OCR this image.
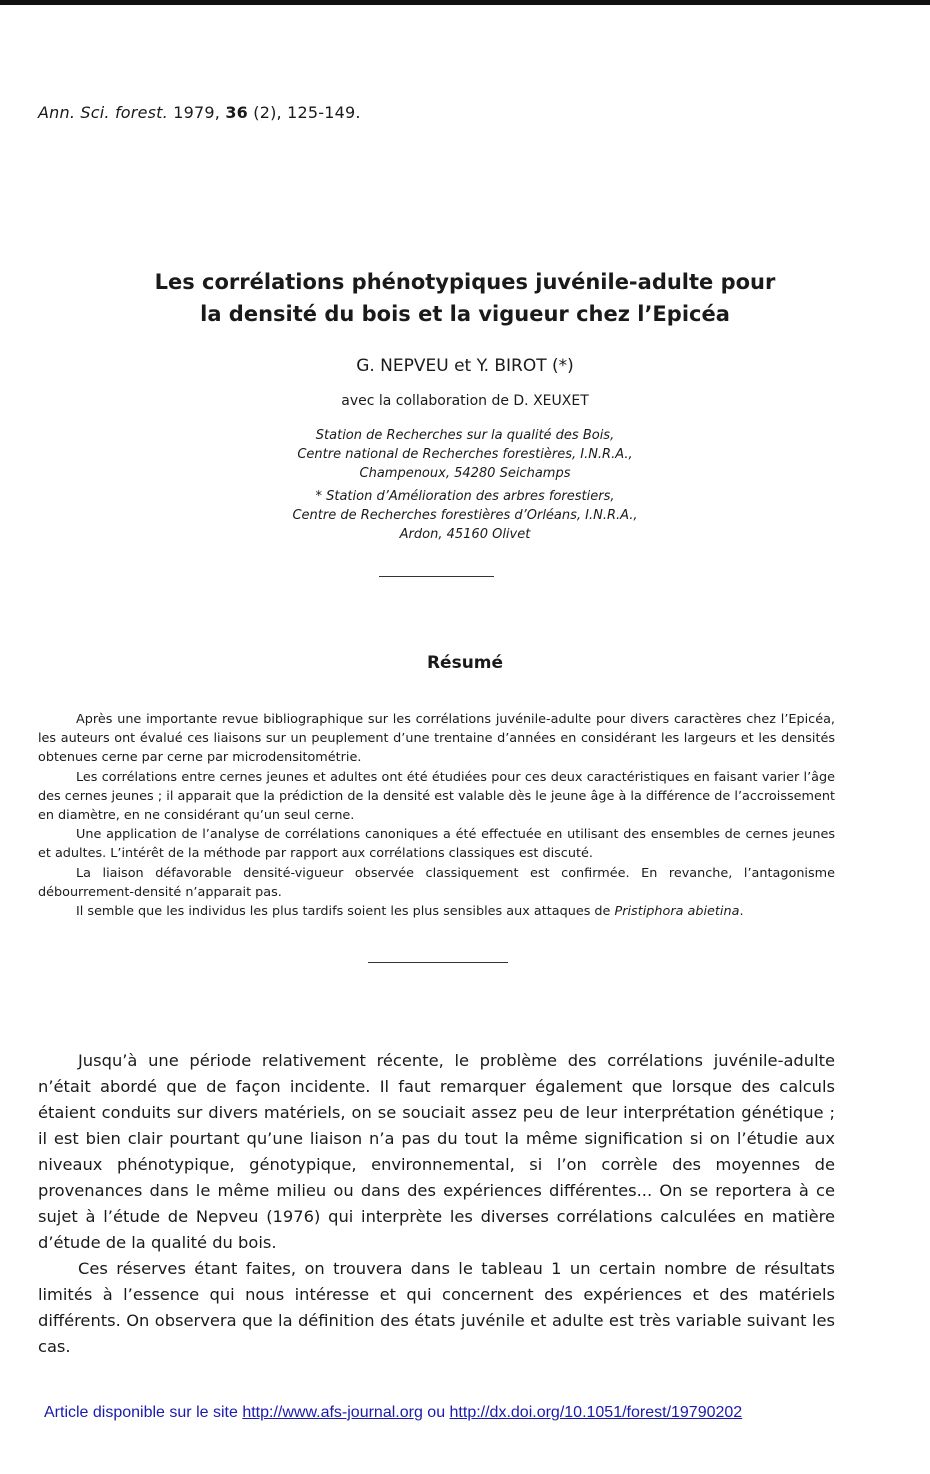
Ann. Sci. forest. 1979, 36 (2), 125-149.
Les corrélations phénotypiques juvénile-adulte pour
la densité du bois et la vigueur chez l’Epicéa
G. NEPVEU et Y. BIROT (*)
avec la collaboration de D. XEUXET
Station de Recherches sur la qualité des Bois,
Centre national de Recherches forestières, I.N.R.A.,
Champenoux, 54280 Seichamps
* Station d’Amélioration des arbres forestiers,
Centre de Recherches forestières d’Orléans, I.N.R.A.,
Ardon, 45160 Olivet
Résumé

Après une importante revue bibliographique sur les corrélations juvénile-adulte pour divers caractères chez l’Epicéa, les auteurs ont évalué ces liaisons sur un peuplement d’une trentaine d’années en considérant les largeurs et les densités obtenues cerne par cerne par microdensitométrie.

Les corrélations entre cernes jeunes et adultes ont été étudiées pour ces deux caractéristiques en faisant varier l’âge des cernes jeunes ; il apparait que la prédiction de la densité est valable dès le jeune âge à la différence de l’accroissement en diamètre, en ne considérant qu’un seul cerne.

Une application de l’analyse de corrélations canoniques a été effectuée en utilisant des ensembles de cernes jeunes et adultes. L’intérêt de la méthode par rapport aux corrélations classiques est discuté.

La liaison défavorable densité-vigueur observée classiquement est confirmée. En revanche, l’antagonisme débourrement-densité n’apparait pas.

Il semble que les individus les plus tardifs soient les plus sensibles aux attaques de Pristiphora abietina.

Jusqu’à une période relativement récente, le problème des corrélations juvénile-adulte n’était abordé que de façon incidente. Il faut remarquer également que lorsque des calculs étaient conduits sur divers matériels, on se souciait assez peu de leur interprétation génétique ; il est bien clair pourtant qu’une liaison n’a pas du tout la même signification si on l’étudie aux niveaux phénotypique, génotypique, environnemental, si l’on corrèle des moyennes de provenances dans le même milieu ou dans des expériences différentes... On se reportera à ce sujet à l’étude de Nepveu (1976) qui interprète les diverses corrélations calculées en matière d’étude de la qualité du bois.

Ces réserves étant faites, on trouvera dans le tableau 1 un certain nombre de résultats limités à l’essence qui nous intéresse et qui concernent des expériences et des matériels différents. On observera que la définition des états juvénile et adulte est très variable suivant les cas.

Article disponible sur le site http://www.afs-journal.org ou http://dx.doi.org/10.1051/forest/19790202
